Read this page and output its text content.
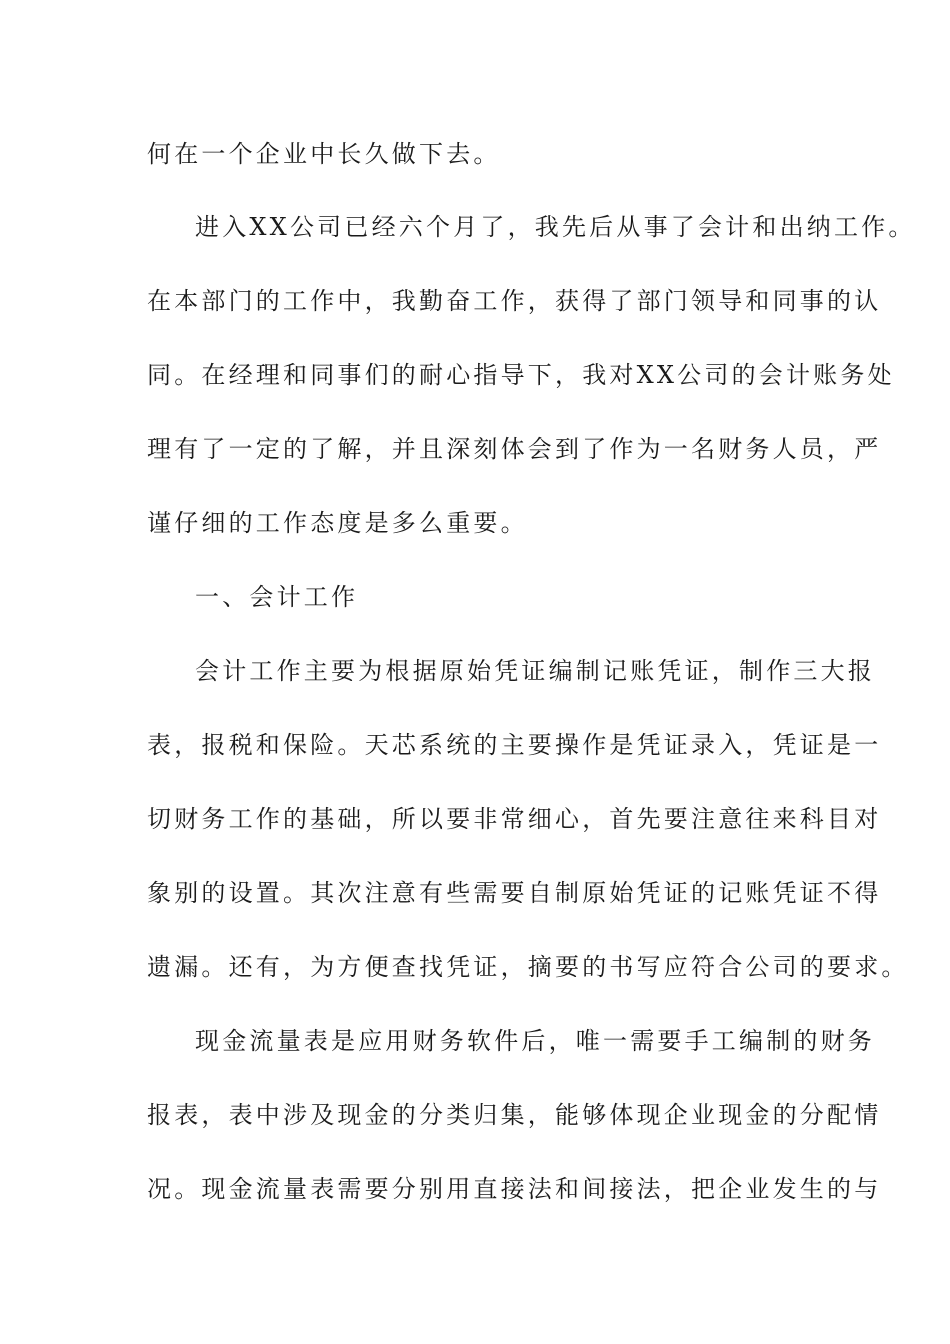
何在一个企业中长久做下去。
进入XX公司已经六个月了，我先后从事了会计和出纳工作。
在本部门的工作中，我勤奋工作，获得了部门领导和同事的认
同。在经理和同事们的耐心指导下，我对XX公司的会计账务处
理有了一定的了解，并且深刻体会到了作为一名财务人员，严
谨仔细的工作态度是多么重要。
一、会计工作
会计工作主要为根据原始凭证编制记账凭证，制作三大报
表，报税和保险。天芯系统的主要操作是凭证录入，凭证是一
切财务工作的基础，所以要非常细心，首先要注意往来科目对
象别的设置。其次注意有些需要自制原始凭证的记账凭证不得
遗漏。还有，为方便查找凭证，摘要的书写应符合公司的要求。
现金流量表是应用财务软件后，唯一需要手工编制的财务
报表，表中涉及现金的分类归集，能够体现企业现金的分配情
况。现金流量表需要分别用直接法和间接法，把企业发生的与
